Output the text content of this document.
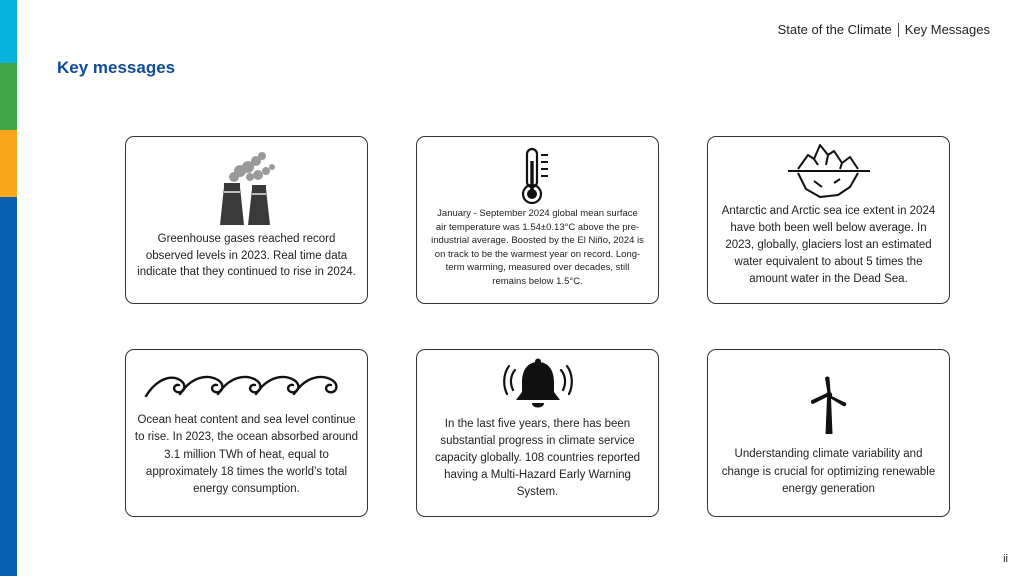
State of the Climate Key Messages
Key messages
Greenhouse gases reached record observed levels in 2023. Real time data indicate that they continued to rise in 2024.
January - September 2024 global mean surface air temperature was 1.54±0.13°C above the pre-industrial average. Boosted by the El Niño, 2024 is on track to be the warmest year on record. Long-term warming, measured over decades, still remains below 1.5°C.
Antarctic and Arctic sea ice extent in 2024 have both been well below average. In 2023, globally, glaciers lost an estimated water equivalent to about 5 times the amount water in the Dead Sea.
Ocean heat content and sea level continue to rise. In 2023, the ocean absorbed around 3.1 million TWh of heat, equal to approximately 18 times the world’s total energy consumption.
In the last five years, there has been substantial progress in climate service capacity globally. 108 countries reported having a Multi-Hazard Early Warning System.
Understanding climate variability and change is crucial for optimizing renewable energy generation
ii
